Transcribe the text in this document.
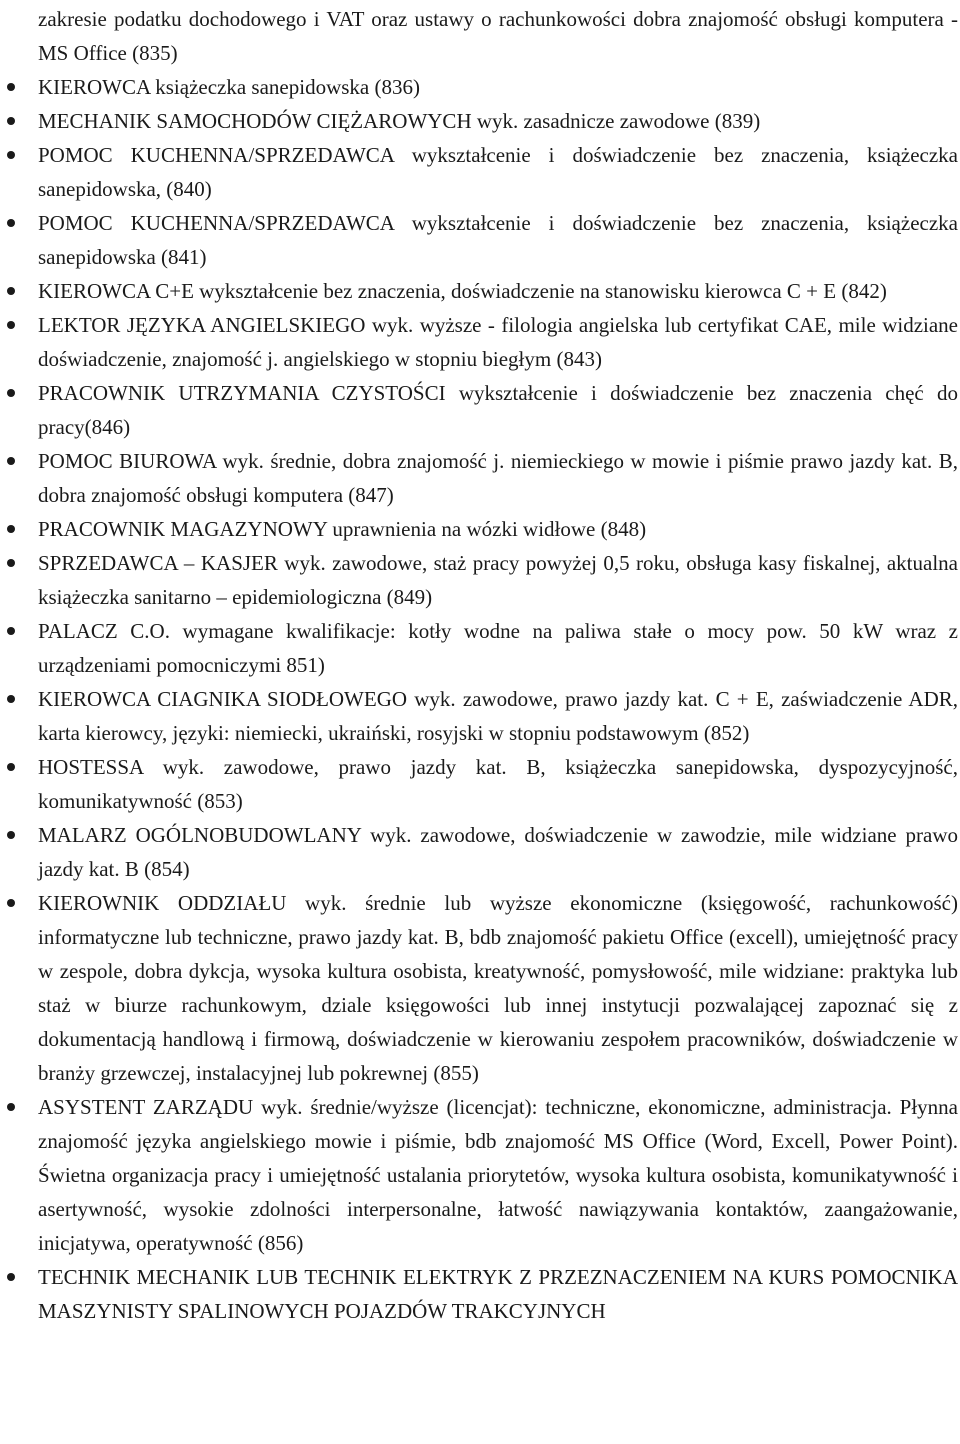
zakresie podatku dochodowego i VAT oraz ustawy o rachunkowości dobra znajomość obsługi komputera -MS Office (835)

KIEROWCA książeczka sanepidowska (836)
MECHANIK SAMOCHODÓW CIĘŻAROWYCH wyk. zasadnicze zawodowe (839)
POMOC KUCHENNA/SPRZEDAWCA wykształcenie i doświadczenie bez znaczenia, książeczka sanepidowska, (840)
POMOC KUCHENNA/SPRZEDAWCA wykształcenie i doświadczenie bez znaczenia, książeczka sanepidowska (841)
KIEROWCA C+E wykształcenie bez znaczenia, doświadczenie na stanowisku kierowca C + E (842)
LEKTOR JĘZYKA ANGIELSKIEGO wyk. wyższe - filologia angielska lub certyfikat CAE, mile widziane doświadczenie, znajomość j. angielskiego w stopniu biegłym (843)
PRACOWNIK UTRZYMANIA CZYSTOŚCI wykształcenie i doświadczenie bez znaczenia chęć do pracy(846)
POMOC BIUROWA wyk. średnie, dobra znajomość j. niemieckiego w mowie i piśmie prawo jazdy kat. B, dobra znajomość obsługi komputera (847)
PRACOWNIK MAGAZYNOWY uprawnienia na wózki widłowe (848)
SPRZEDAWCA – KASJER wyk. zawodowe, staż pracy powyżej 0,5 roku, obsługa kasy fiskalnej, aktualna książeczka sanitarno – epidemiologiczna (849)
PALACZ C.O. wymagane kwalifikacje: kotły wodne na paliwa stałe o mocy pow. 50 kW wraz z urządzeniami pomocniczymi 851)
KIEROWCA CIAGNIKA SIODŁOWEGO wyk. zawodowe, prawo jazdy kat. C + E, zaświadczenie ADR, karta kierowcy, języki: niemiecki, ukraiński, rosyjski w stopniu podstawowym (852)
HOSTESSA wyk. zawodowe, prawo jazdy kat. B, książeczka sanepidowska, dyspozycyjność, komunikatywność (853)
MALARZ OGÓLNOBUDOWLANY wyk. zawodowe, doświadczenie w zawodzie, mile widziane prawo jazdy kat. B (854)
KIEROWNIK ODDZIAŁU wyk. średnie lub wyższe ekonomiczne (księgowość, rachunkowość) informatyczne lub techniczne, prawo jazdy kat. B, bdb znajomość pakietu Office (excell), umiejętność pracy w zespole, dobra dykcja, wysoka kultura osobista, kreatywność, pomysłowość, mile widziane: praktyka lub staż w biurze rachunkowym, dziale księgowości lub innej instytucji pozwalającej zapoznać się z dokumentacją handlową i firmową, doświadczenie w kierowaniu zespołem pracowników, doświadczenie w branży grzewczej, instalacyjnej lub pokrewnej (855)
ASYSTENT ZARZĄDU wyk. średnie/wyższe (licencjat): techniczne, ekonomiczne, administracja. Płynna znajomość języka angielskiego mowie i piśmie, bdb znajomość MS Office (Word, Excell, Power Point). Świetna organizacja pracy i umiejętność ustalania priorytetów, wysoka kultura osobista, komunikatywność i asertywność, wysokie zdolności interpersonalne, łatwość nawiązywania kontaktów, zaangażowanie, inicjatywa, operatywność (856)
TECHNIK MECHANIK LUB TECHNIK ELEKTRYK Z PRZEZNACZENIEM NA KURS POMOCNIKA MASZYNISTY SPALINOWYCH POJAZDÓW TRAKCYJNYCH
